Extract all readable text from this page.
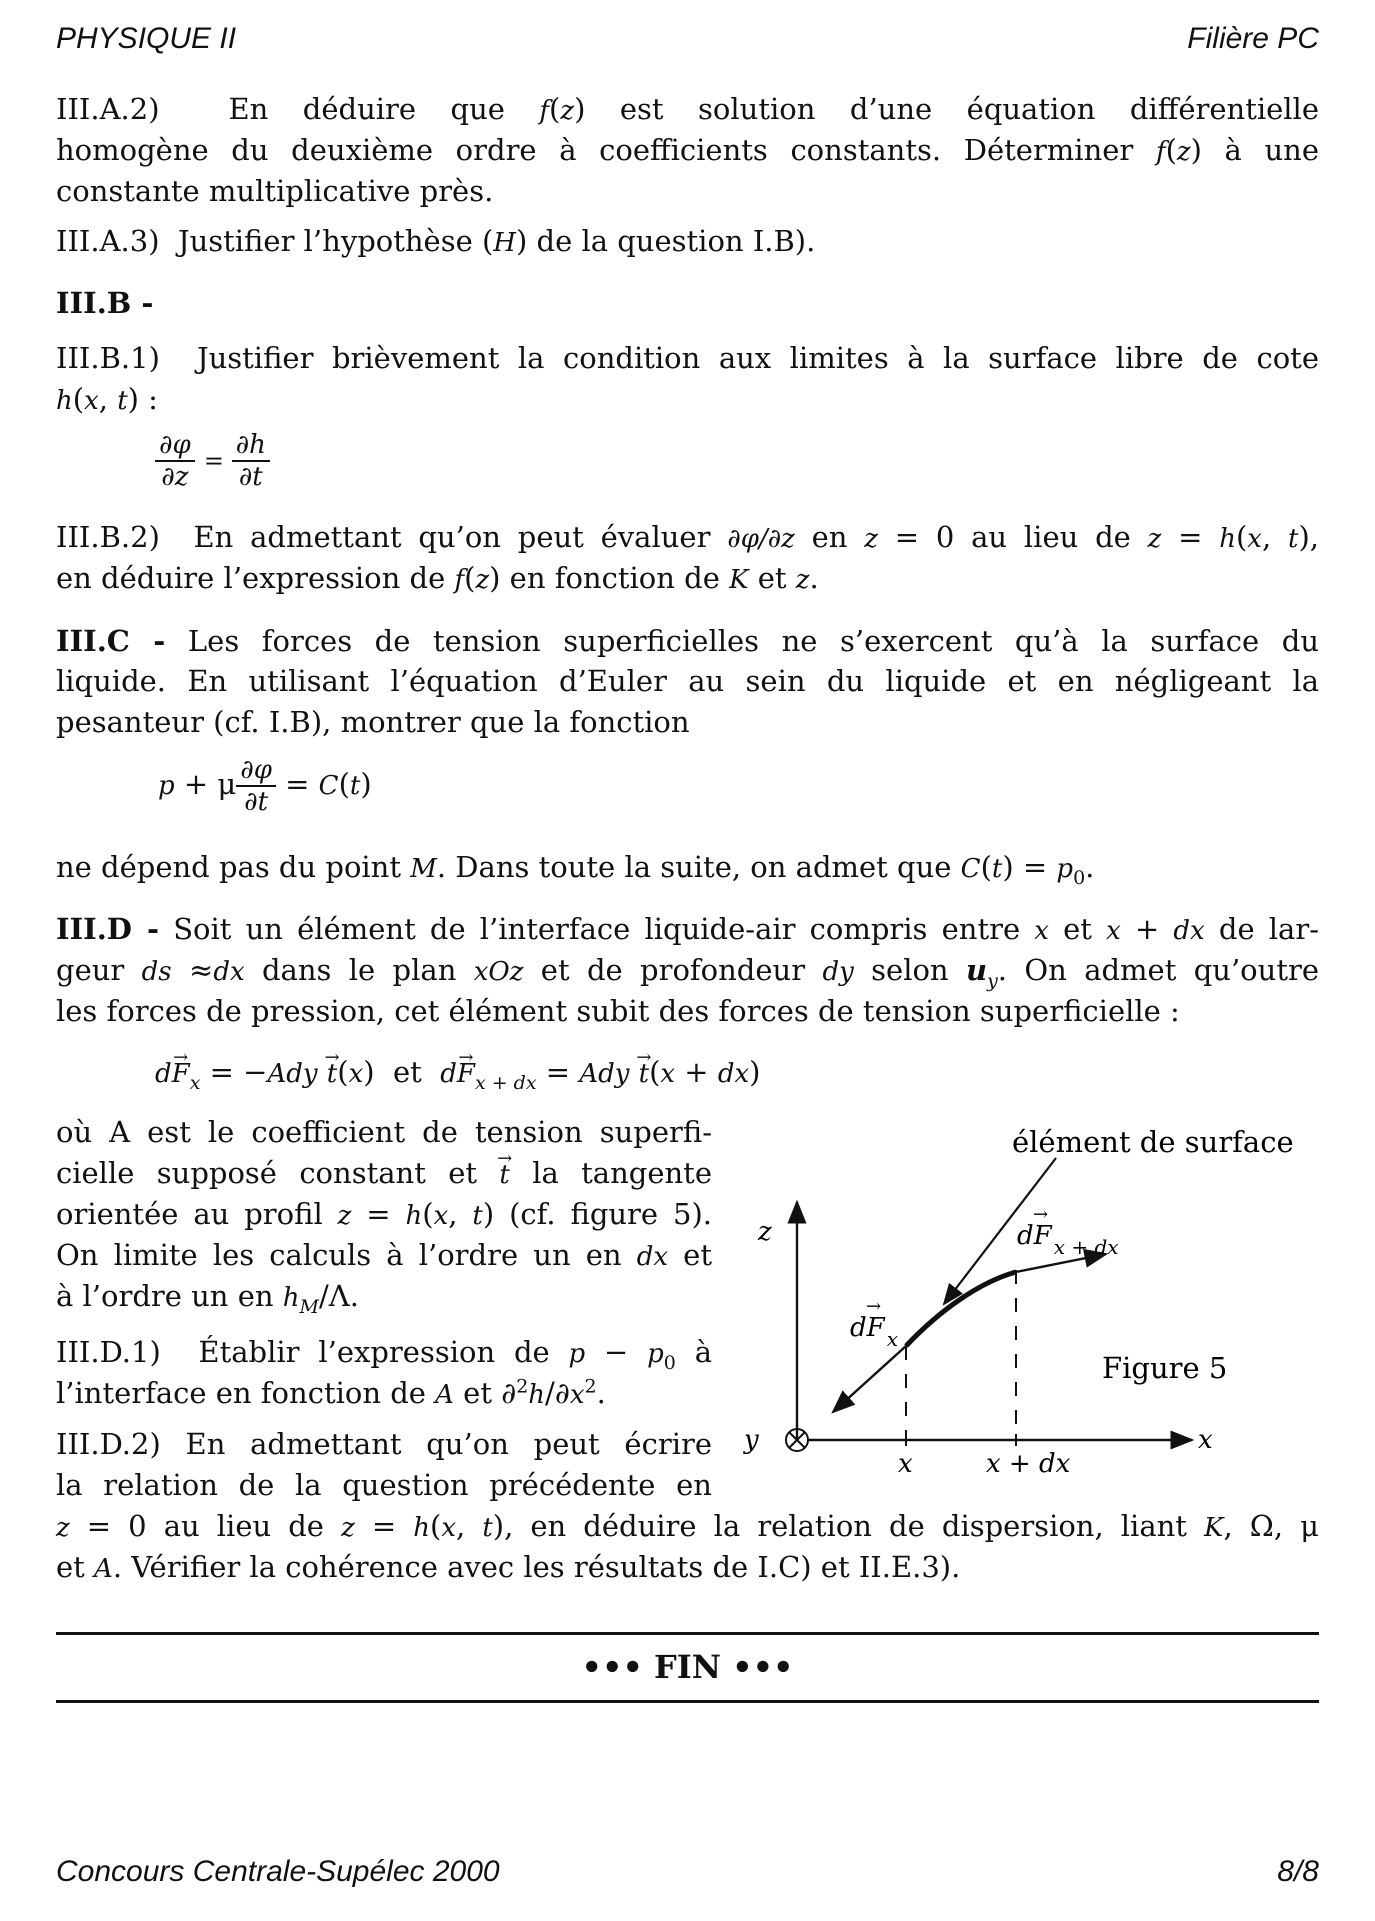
PHYSIQUE II	Filière PC
III.A.2)  En déduire que f(z) est solution d’une équation différentielle
homogène du deuxième ordre à coefficients constants. Déterminer f(z) à une
constante multiplicative près.
III.A.3)  Justifier l’hypothèse (H) de la question I.B).
III.B -
III.B.1)  Justifier brièvement la condition aux limites à la surface libre de cote
h(x, t) :
$\frac{\partial\varphi}{\partial z} = \frac{\partial h}{\partial t}$
III.B.2)  En admettant qu’on peut évaluer ∂φ/∂z en z = 0 au lieu de z = h(x, t),
en déduire l’expression de f(z) en fonction de K et z.
III.C - Les forces de tension superficielles ne s’exercent qu’à la surface du
liquide. En utilisant l’équation d’Euler au sein du liquide et en négligeant la
pesanteur (cf. I.B), montrer que la fonction
p + μ $\frac{\partial\varphi}{\partial t} = C(t)$
ne dépend pas du point M. Dans toute la suite, on admet que $C(t) = p_0$.
III.D - Soit un élément de l’interface liquide-air compris entre x et x + dx de lar-
geur ds ≈dx dans le plan xOz et de profondeur dy selon $u_y$. On admet qu’outre
les forces de pression, cet élément subit des forces de tension superficielle :
$d\to F_x = -Ady \to t(x)$  et  $d\to F_{x + dx}$ = Ady → t(x + dx)
où A est le coefficient de tension superfi-
cielle supposé constant et → t la tangente
orientée au profil z = h(x, t) (cf. figure 5).
On limite les calculs à l’ordre un en dx et
à l’ordre un en $h_M/\Lambda$.
III.D.1)  Établir l’expression de $p - p_0$ à
l’interface en fonction de A et $\partial^2h/\partial x^2$.
III.D.2) En admettant qu’on peut écrire
la relation de la question précédente en
z = 0 au lieu de z = h(x, t), en déduire la relation de dispersion, liant K, Ω, μ
et A. Vérifier la cohérence avec les résultats de I.C) et II.E.3).
z
x
y
x	x + dx
élément de surface
dF $_x$
→
dF $_{x + dx}$
→
Figure 5
••• FIN •••
Concours Centrale-Supélec 2000	8/8
